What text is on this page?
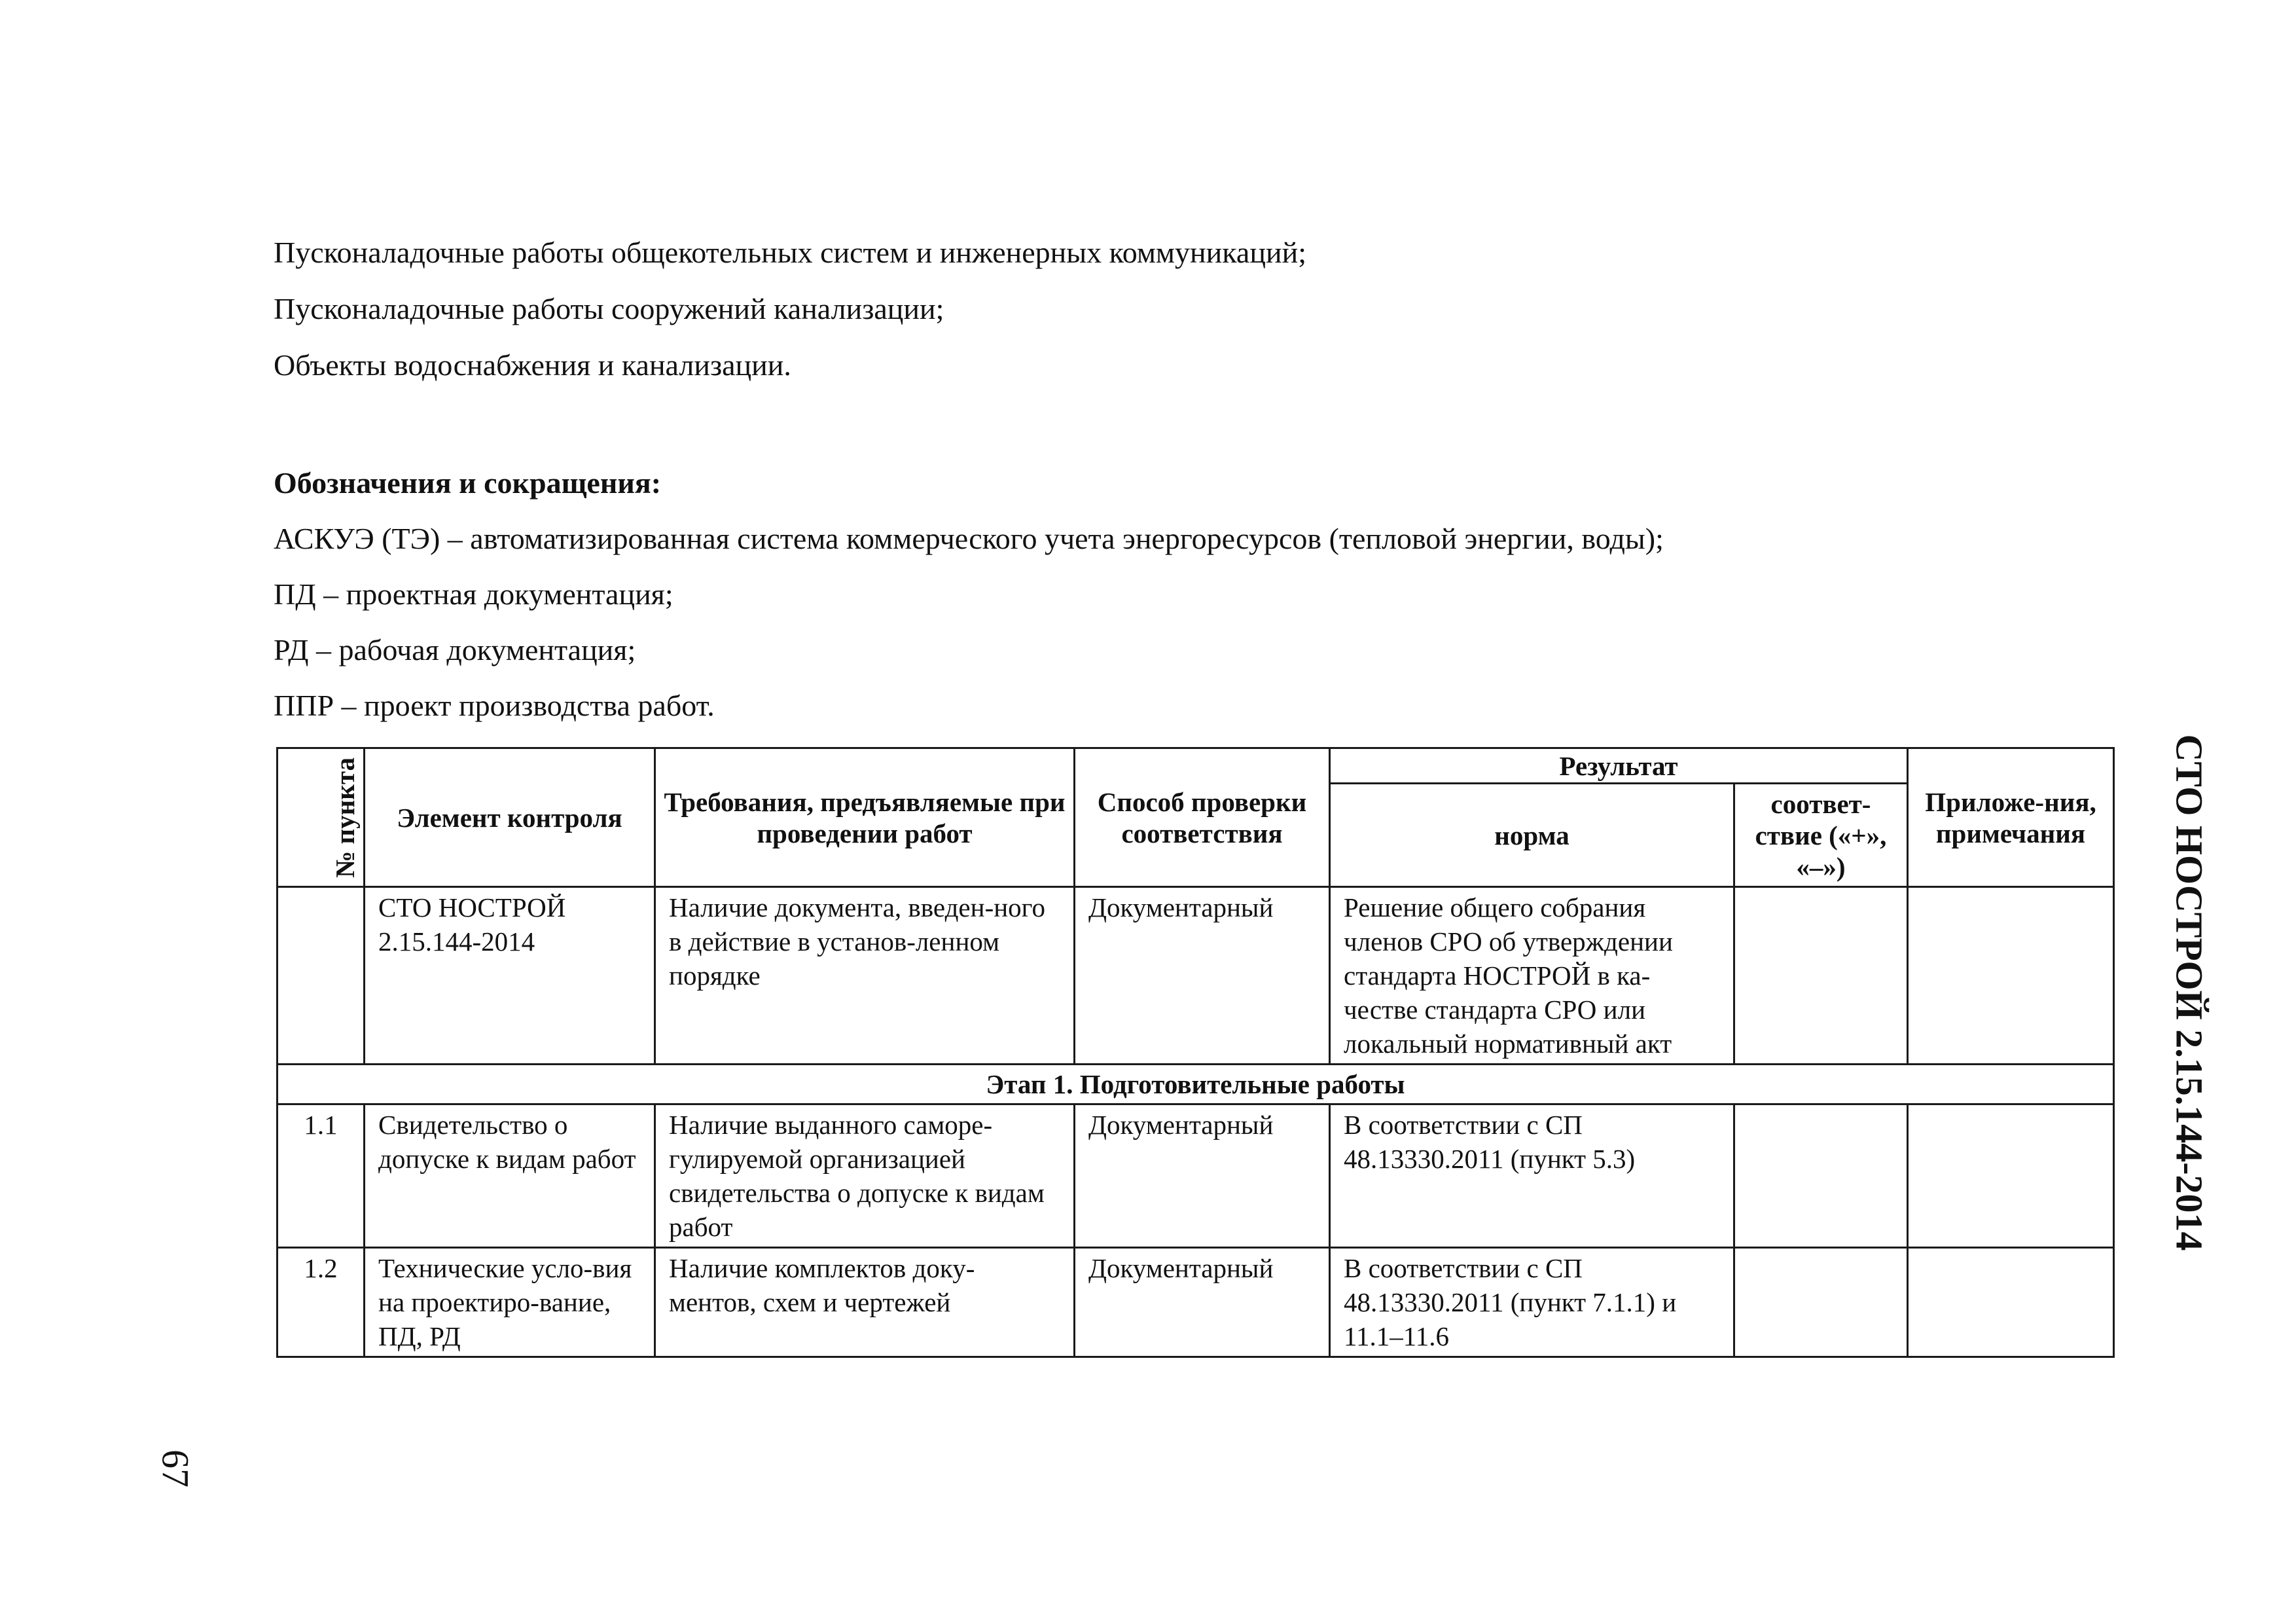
Пусконаладочные работы общекотельных систем и инженерных коммуникаций;
Пусконаладочные работы сооружений канализации;
Объекты водоснабжения и канализации.
Обозначения и сокращения:
АСКУЭ (ТЭ) – автоматизированная система коммерческого учета энергоресурсов (тепловой энергии, воды);
ПД – проектная документация;
РД – рабочая документация;
ППР – проект производства работ.
№ пункта	Элемент контроля	Требования, предъявляемые при проведении работ	Способ проверки соответствия	Результат		Приложе-ния, примечания
				норма	соответ-ствие («+», «–»)	
	СТО НОСТРОЙ 2.15.144-2014	Наличие документа, введен-ного в действие в установ-ленном порядке	Документарный	Решение общего собрания членов СРО об утверждении стандарта НОСТРОЙ в ка-честве стандарта СРО или локальный нормативный акт		
Этап 1. Подготовительные работы						
1.1	Свидетельство о допуске к видам работ	Наличие выданного саморе-гулируемой организацией свидетельства о допуске к видам работ	Документарный	В соответствии с СП 48.13330.2011 (пункт 5.3)		
1.2	Технические усло-вия на проектиро-вание, ПД, РД	Наличие комплектов доку-ментов, схем и чертежей	Документарный	В соответствии с СП 48.13330.2011 (пункт 7.1.1) и 11.1–11.6		
СТО НОСТРОЙ 2.15.144-2014
67
